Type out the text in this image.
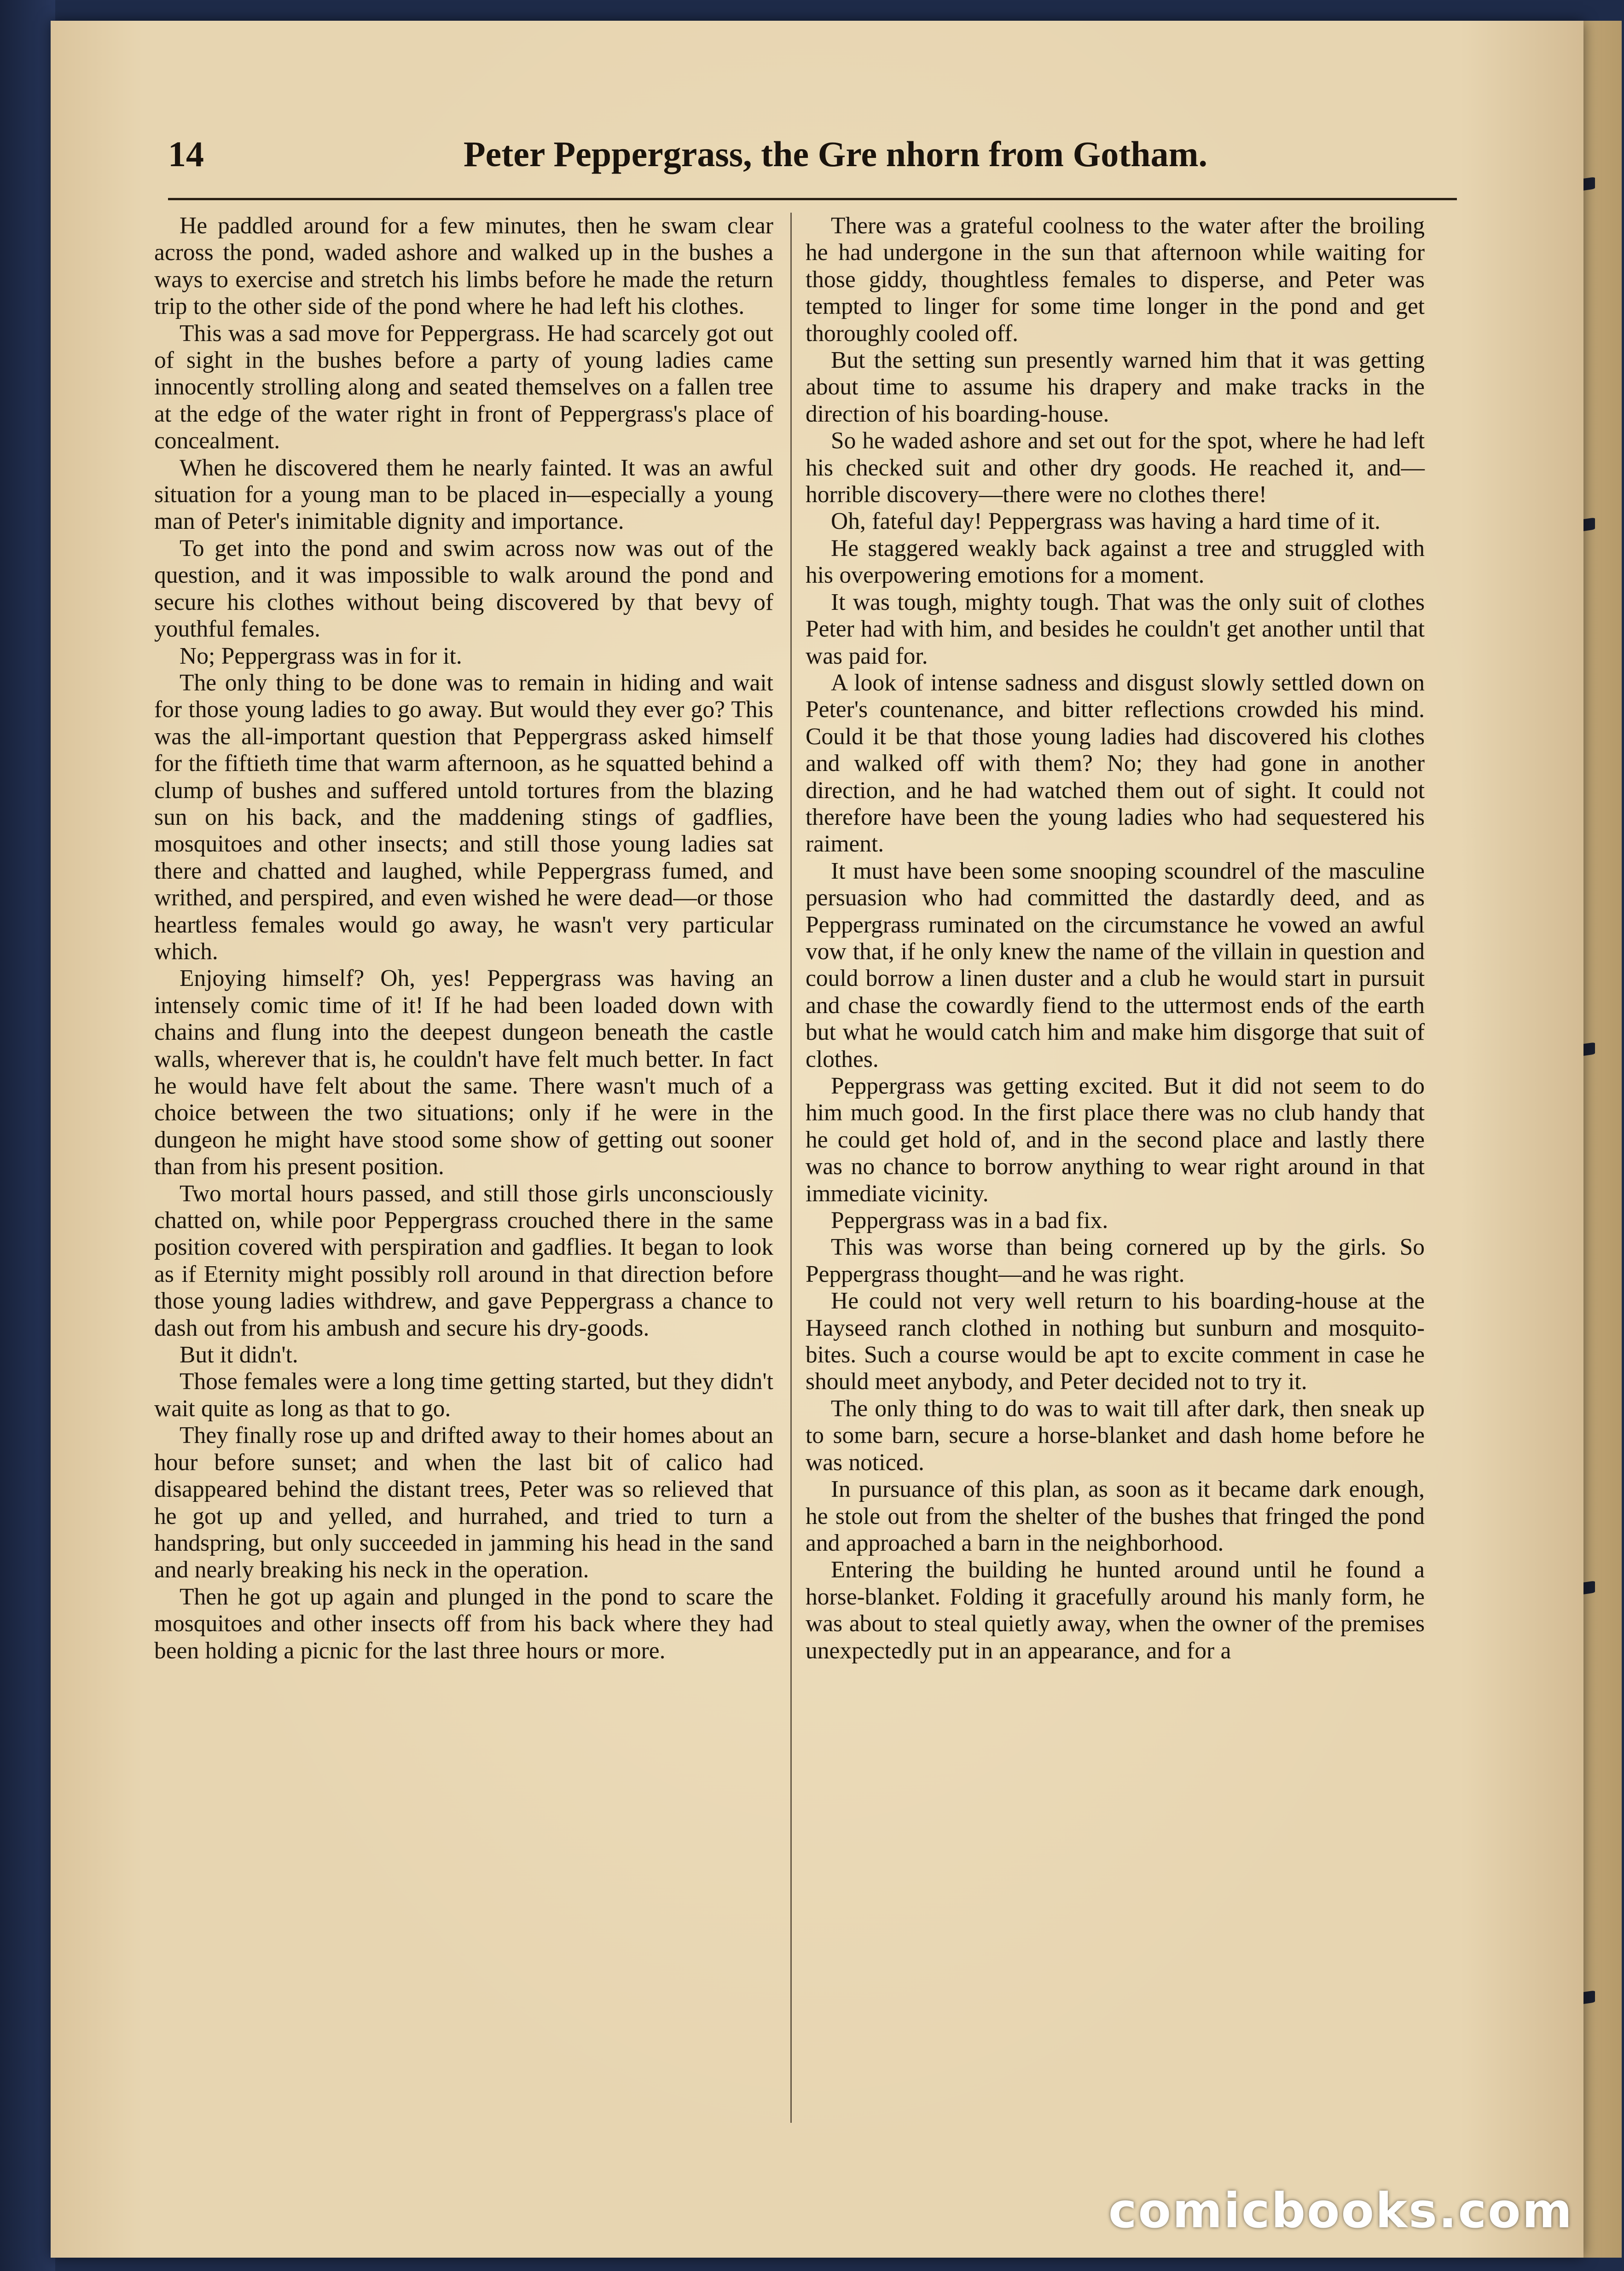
14	Peter Peppergrass, the Gre nhorn from Gotham.

He paddled around for a few minutes, then he swam clear across the pond, waded ashore and walked up in the bushes a ways to exercise and stretch his limbs before he made the return trip to the other side of the pond where he had left his clothes.

This was a sad move for Peppergrass. He had scarcely got out of sight in the bushes before a party of young ladies came innocently strolling along and seated themselves on a fallen tree at the edge of the water right in front of Peppergrass's place of concealment.

When he discovered them he nearly fainted. It was an awful situation for a young man to be placed in—especially a young man of Peter's inimitable dignity and importance.

To get into the pond and swim across now was out of the question, and it was impossible to walk around the pond and secure his clothes without being discovered by that bevy of youthful females.

No; Peppergrass was in for it.

The only thing to be done was to remain in hiding and wait for those young ladies to go away. But would they ever go? This was the all-important question that Peppergrass asked himself for the fiftieth time that warm afternoon, as he squatted behind a clump of bushes and suffered untold tortures from the blazing sun on his back, and the maddening stings of gadflies, mosquitoes and other insects; and still those young ladies sat there and chatted and laughed, while Peppergrass fumed, and writhed, and perspired, and even wished he were dead—or those heartless females would go away, he wasn't very particular which.

Enjoying himself? Oh, yes! Peppergrass was having an intensely comic time of it! If he had been loaded down with chains and flung into the deepest dungeon beneath the castle walls, wherever that is, he couldn't have felt much better. In fact he would have felt about the same. There wasn't much of a choice between the two situations; only if he were in the dungeon he might have stood some show of getting out sooner than from his present position.

Two mortal hours passed, and still those girls unconsciously chatted on, while poor Peppergrass crouched there in the same position covered with perspiration and gadflies. It began to look as if Eternity might possibly roll around in that direction before those young ladies withdrew, and gave Peppergrass a chance to dash out from his ambush and secure his dry-goods.

But it didn't.

Those females were a long time getting started, but they didn't wait quite as long as that to go.

They finally rose up and drifted away to their homes about an hour before sunset; and when the last bit of calico had disappeared behind the distant trees, Peter was so relieved that he got up and yelled, and hurrahed, and tried to turn a handspring, but only succeeded in jamming his head in the sand and nearly breaking his neck in the operation.

Then he got up again and plunged in the pond to scare the mosquitoes and other insects off from his back where they had been holding a picnic for the last three hours or more.

There was a grateful coolness to the water after the broiling he had undergone in the sun that afternoon while waiting for those giddy, thoughtless females to disperse, and Peter was tempted to linger for some time longer in the pond and get thoroughly cooled off.

But the setting sun presently warned him that it was getting about time to assume his drapery and make tracks in the direction of his boarding-house.

So he waded ashore and set out for the spot, where he had left his checked suit and other dry goods. He reached it, and—horrible discovery—there were no clothes there!

Oh, fateful day! Peppergrass was having a hard time of it.

He staggered weakly back against a tree and struggled with his overpowering emotions for a moment.

It was tough, mighty tough. That was the only suit of clothes Peter had with him, and besides he couldn't get another until that was paid for.

A look of intense sadness and disgust slowly settled down on Peter's countenance, and bitter reflections crowded his mind. Could it be that those young ladies had discovered his clothes and walked off with them? No; they had gone in another direction, and he had watched them out of sight. It could not therefore have been the young ladies who had sequestered his raiment.

It must have been some snooping scoundrel of the masculine persuasion who had committed the dastardly deed, and as Peppergrass ruminated on the circumstance he vowed an awful vow that, if he only knew the name of the villain in question and could borrow a linen duster and a club he would start in pursuit and chase the cowardly fiend to the uttermost ends of the earth but what he would catch him and make him disgorge that suit of clothes.

Peppergrass was getting excited. But it did not seem to do him much good. In the first place there was no club handy that he could get hold of, and in the second place and lastly there was no chance to borrow anything to wear right around in that immediate vicinity.

Peppergrass was in a bad fix.

This was worse than being cornered up by the girls. So Peppergrass thought—and he was right.

He could not very well return to his boarding-house at the Hayseed ranch clothed in nothing but sunburn and mosquito-bites. Such a course would be apt to excite comment in case he should meet anybody, and Peter decided not to try it.

The only thing to do was to wait till after dark, then sneak up to some barn, secure a horse-blanket and dash home before he was noticed.

In pursuance of this plan, as soon as it became dark enough, he stole out from the shelter of the bushes that fringed the pond and approached a barn in the neighborhood.

Entering the building he hunted around until he found a horse-blanket. Folding it gracefully around his manly form, he was about to steal quietly away, when the owner of the premises unexpectedly put in an appearance, and for a

comicbooks.com
